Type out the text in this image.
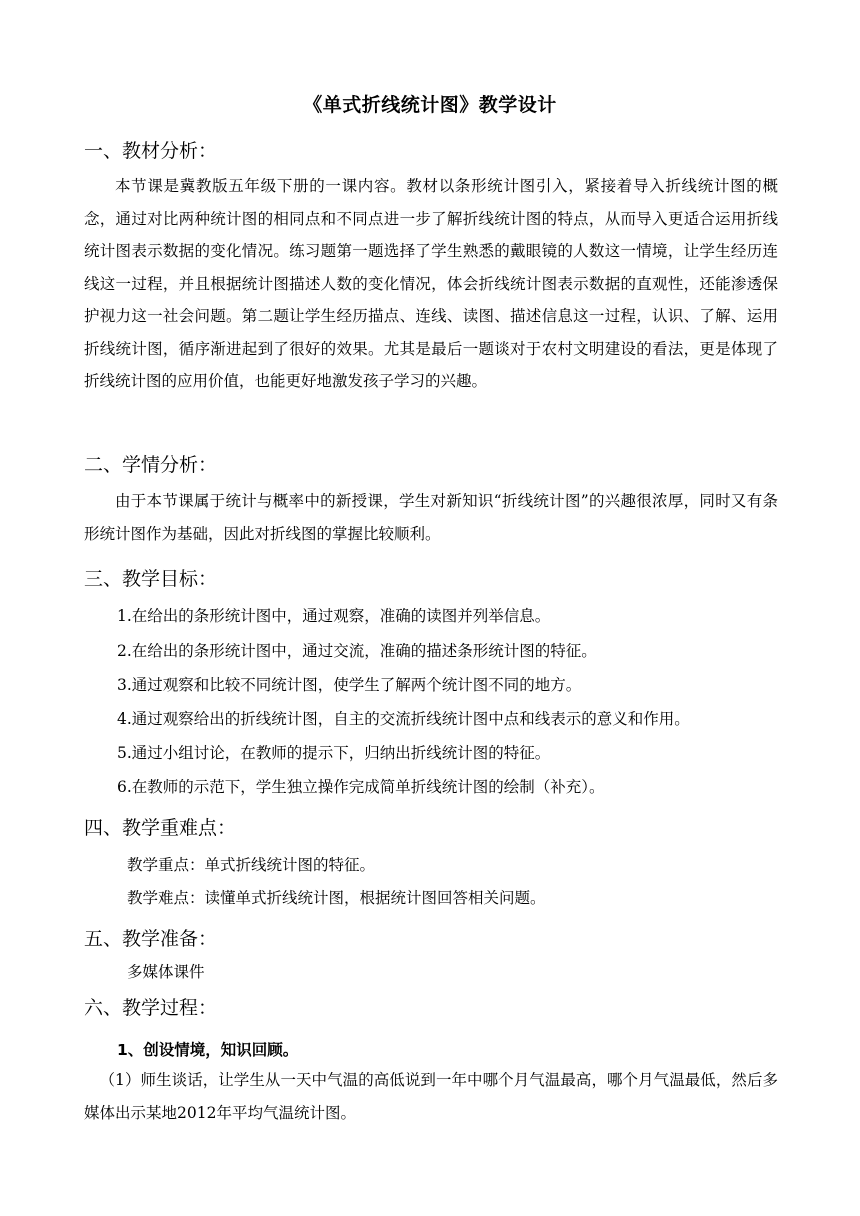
《单式折线统计图》教学设计
一、教材分析：

本节课是冀教版五年级下册的一课内容。教材以条形统计图引入，紧接着导入折线统计图的概念，通过对比两种统计图的相同点和不同点进一步了解折线统计图的特点，从而导入更适合运用折线统计图表示数据的变化情况。练习题第一题选择了学生熟悉的戴眼镜的人数这一情境，让学生经历连线这一过程，并且根据统计图描述人数的变化情况，体会折线统计图表示数据的直观性，还能渗透保护视力这一社会问题。第二题让学生经历描点、连线、读图、描述信息这一过程，认识、了解、运用折线统计图，循序渐进起到了很好的效果。尤其是最后一题谈对于农村文明建设的看法，更是体现了折线统计图的应用价值，也能更好地激发孩子学习的兴趣。

二、学情分析：

由于本节课属于统计与概率中的新授课，学生对新知识“折线统计图”的兴趣很浓厚，同时又有条形统计图作为基础，因此对折线图的掌握比较顺利。

三、教学目标：
1.在给出的条形统计图中，通过观察，准确的读图并列举信息。
2.在给出的条形统计图中，通过交流，准确的描述条形统计图的特征。
3.通过观察和比较不同统计图，使学生了解两个统计图不同的地方。
4.通过观察给出的折线统计图，自主的交流折线统计图中点和线表示的意义和作用。
5.通过小组讨论，在教师的提示下，归纳出折线统计图的特征。
6.在教师的示范下，学生独立操作完成简单折线统计图的绘制（补充）。
四、教学重难点：
教学重点：单式折线统计图的特征。
教学难点：读懂单式折线统计图，根据统计图回答相关问题。
五、教学准备：
多媒体课件
六、教学过程：
1、创设情境，知识回顾。

（1）师生谈话，让学生从一天中气温的高低说到一年中哪个月气温最高，哪个月气温最低，然后多媒体出示某地2012年平均气温统计图。
